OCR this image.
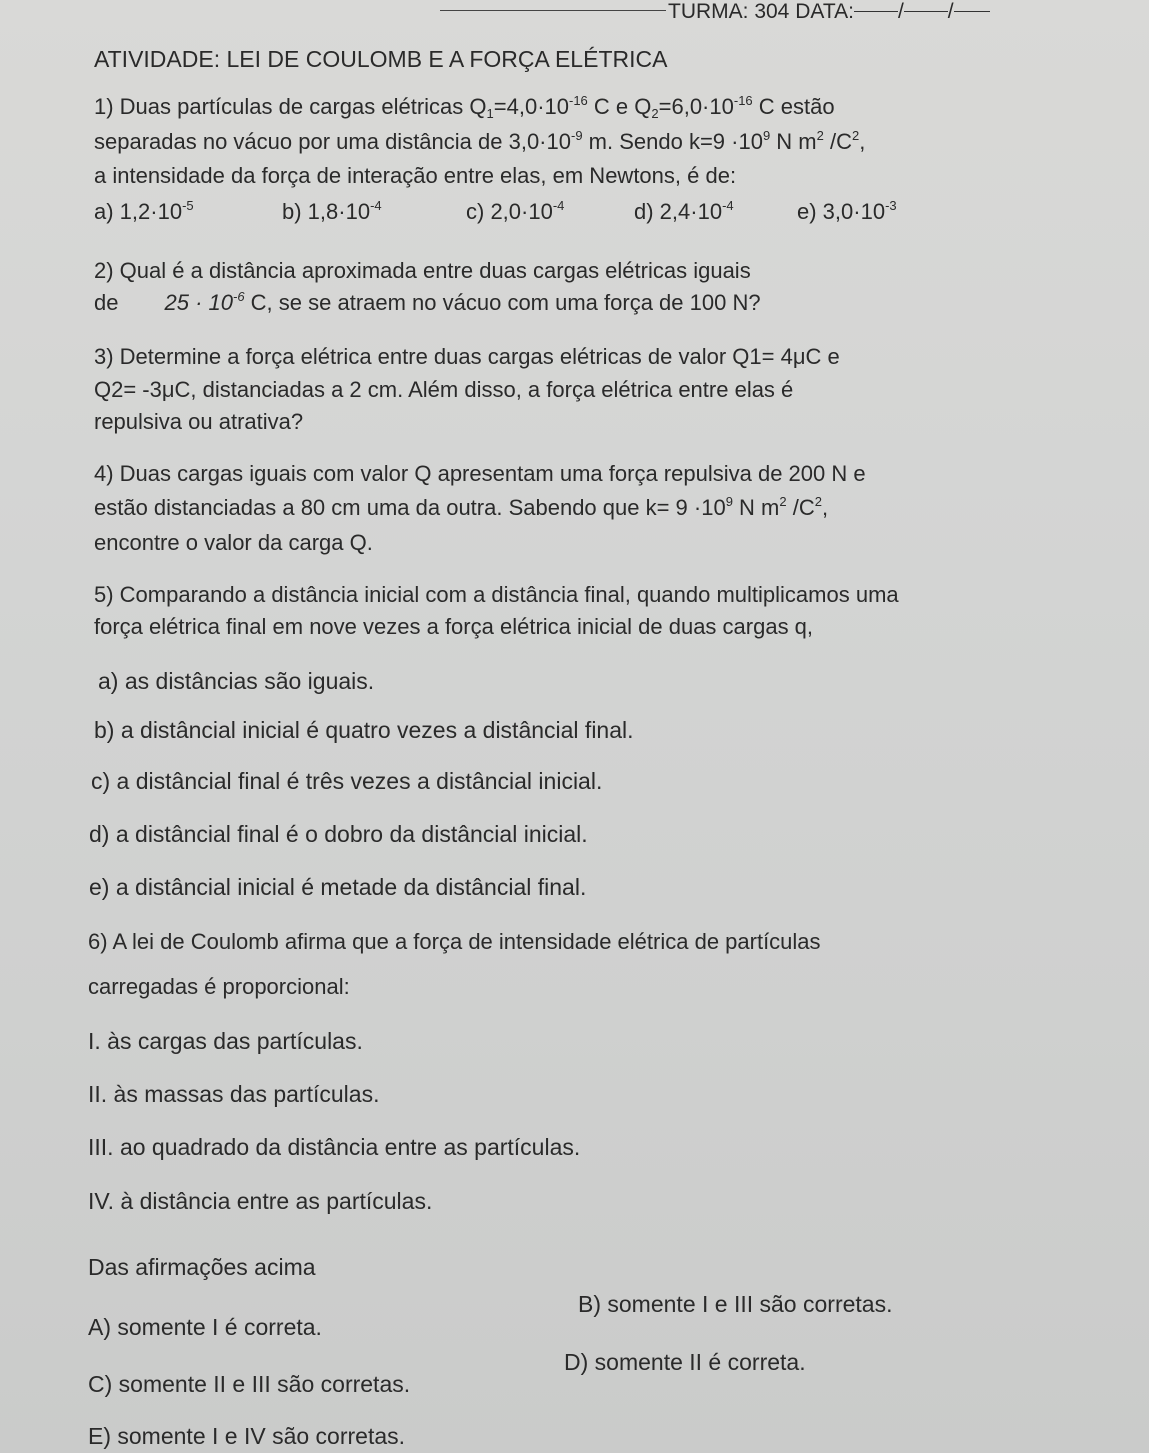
TURMA: 304 DATA: / /
ATIVIDADE: LEI DE COULOMB E A FORÇA ELÉTRICA
1) Duas partículas de cargas elétricas $Q_1=4,0\cdot 10^{-16}$ C e $Q_2=6,0\cdot 10^{-16}$ C estão
separadas no vácuo por uma distância de $3,0\cdot 10^{-9}$ m. Sendo $k=9 \cdot 10^9$ N $m^2$ $/C^2$,
a intensidade da força de interação entre elas, em Newtons, é de:
a) $1,2\cdot 10^{-5}$	b) $1,8\cdot 10^{-4}$	c) $2,0\cdot 10^{-4}$	d) $2,4\cdot 10^{-4}$	e) $3,0\cdot 10^{-3}$
2) Qual é a distância aproximada entre duas cargas elétricas iguais
de $25 \cdot 10^{-6}$ C, se se atraem no vácuo com uma força de 100 N?
3) Determine a força elétrica entre duas cargas elétricas de valor Q1= 4μC e
Q2= -3μC, distanciadas a 2 cm. Além disso, a força elétrica entre elas é
repulsiva ou atrativa?
4) Duas cargas iguais com valor Q apresentam uma força repulsiva de 200 N e
estão distanciadas a 80 cm uma da outra. Sabendo que $k= 9 \cdot 10^9$ N $m^2$ $/C^2$,
encontre o valor da carga Q.
5) Comparando a distância inicial com a distância final, quando multiplicamos uma
força elétrica final em nove vezes a força elétrica inicial de duas cargas q,
a) as distâncias são iguais.
b) a distâncial inicial é quatro vezes a distâncial final.
c) a distâncial final é três vezes a distâncial inicial.
d) a distâncial final é o dobro da distâncial inicial.
e) a distâncial inicial é metade da distâncial final.
6) A lei de Coulomb afirma que a força de intensidade elétrica de partículas
carregadas é proporcional:
I. às cargas das partículas.
II. às massas das partículas.
III. ao quadrado da distância entre as partículas.
IV. à distância entre as partículas.
Das afirmações acima
A) somente I é correta.
B) somente I e III são corretas.
C) somente II e III são corretas.
D) somente II é correta.
E) somente I e IV são corretas.
